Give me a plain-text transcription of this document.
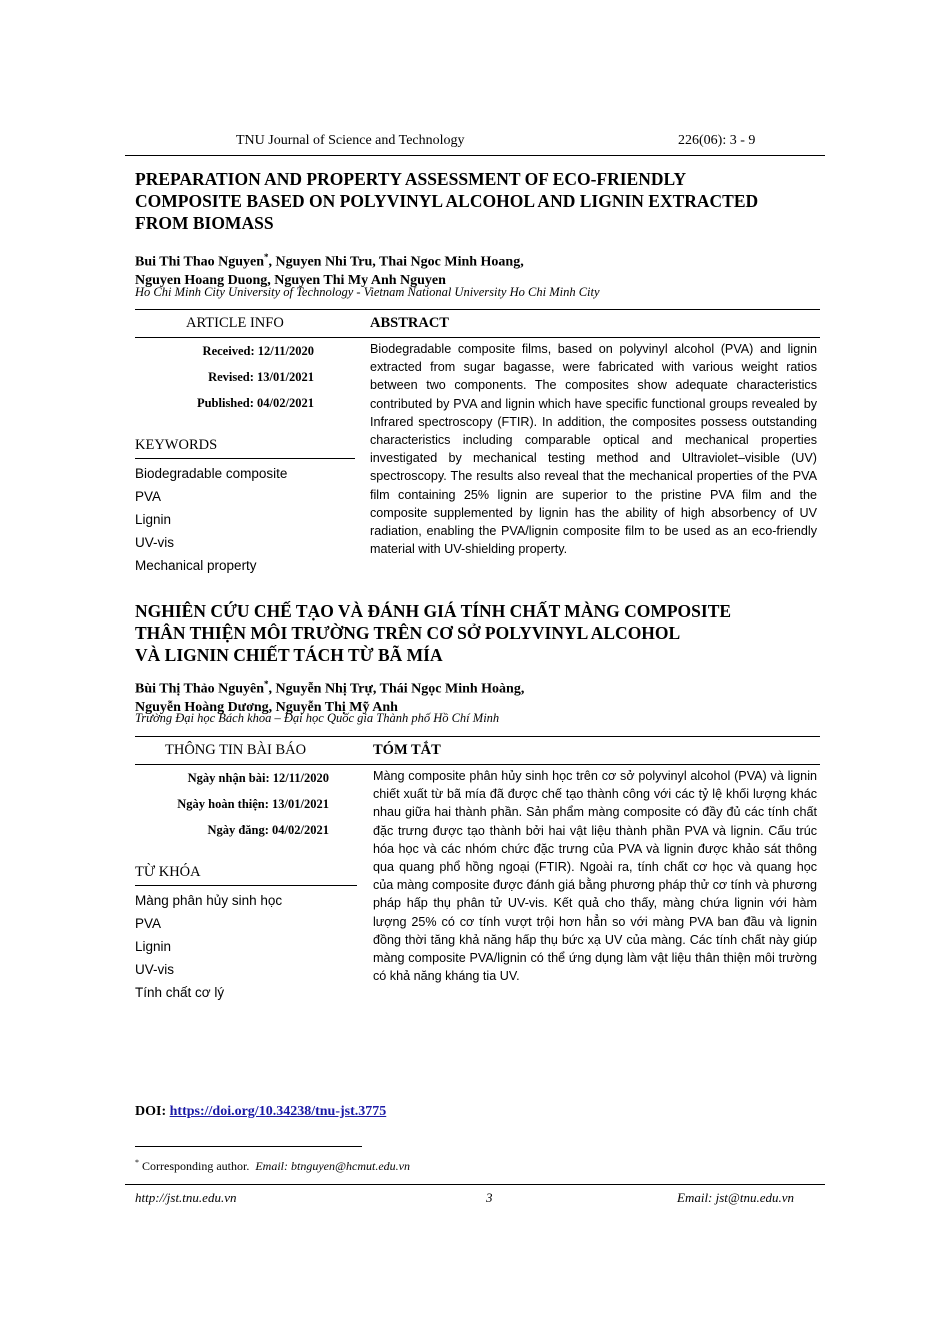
TNU Journal of Science and Technology	226(06): 3 - 9
PREPARATION AND PROPERTY ASSESSMENT OF ECO-FRIENDLY
COMPOSITE BASED ON POLYVINYL ALCOHOL AND LIGNIN EXTRACTED
FROM BIOMASS
Bui Thi Thao Nguyen*, Nguyen Nhi Tru, Thai Ngoc Minh Hoang,
Nguyen Hoang Duong, Nguyen Thi My Anh Nguyen
Ho Chi Minh City University of Technology - Vietnam National University Ho Chi Minh City
ARTICLE INFO	ABSTRACT
Received: 12/11/2020
Revised: 13/01/2021
Published: 04/02/2021
KEYWORDS
Biodegradable composite
PVA
Lignin
UV-vis
Mechanical property
Biodegradable composite films, based on polyvinyl alcohol (PVA) and lignin extracted from sugar bagasse, were fabricated with various weight ratios between two components. The composites show adequate characteristics contributed by PVA and lignin which have specific functional groups revealed by Infrared spectroscopy (FTIR). In addition, the composites possess outstanding characteristics including comparable optical and mechanical properties investigated by mechanical testing method and Ultraviolet–visible (UV) spectroscopy. The results also reveal that the mechanical properties of the PVA film containing 25% lignin are superior to the pristine PVA film and the composite supplemented by lignin has the ability of high absorbency of UV radiation, enabling the PVA/lignin composite film to be used as an eco-friendly material with UV-shielding property.
NGHIÊN CỨU CHẾ TẠO VÀ ĐÁNH GIÁ TÍNH CHẤT MÀNG COMPOSITE
THÂN THIỆN MÔI TRƯỜNG TRÊN CƠ SỞ POLYVINYL ALCOHOL
VÀ LIGNIN CHIẾT TÁCH TỪ BÃ MÍA
Bùi Thị Thảo Nguyên*, Nguyễn Nhị Trự, Thái Ngọc Minh Hoàng,
Nguyễn Hoàng Dương, Nguyễn Thị Mỹ Anh
Trường Đại học Bách khoa – Đại học Quốc gia Thành phố Hồ Chí Minh
THÔNG TIN BÀI BÁO	TÓM TẮT
Ngày nhận bài: 12/11/2020
Ngày hoàn thiện: 13/01/2021
Ngày đăng: 04/02/2021
TỪ KHÓA
Màng phân hủy sinh học
PVA
Lignin
UV-vis
Tính chất cơ lý
Màng composite phân hủy sinh học trên cơ sở polyvinyl alcohol (PVA) và lignin chiết xuất từ bã mía đã được chế tạo thành công với các tỷ lệ khối lượng khác nhau giữa hai thành phần. Sản phẩm màng composite có đầy đủ các tính chất đặc trưng được tạo thành bởi hai vật liệu thành phần PVA và lignin. Cấu trúc hóa học và các nhóm chức đặc trưng của PVA và lignin được khảo sát thông qua quang phổ hồng ngoại (FTIR). Ngoài ra, tính chất cơ học và quang học của màng composite được đánh giá bằng phương pháp thử cơ tính và phương pháp hấp thụ phân tử UV-vis. Kết quả cho thấy, màng chứa lignin với hàm lượng 25% có cơ tính vượt trội hơn hẳn so với màng PVA ban đầu và lignin đồng thời tăng khả năng hấp thụ bức xạ UV của màng. Các tính chất này giúp màng composite PVA/lignin có thể ứng dụng làm vật liệu thân thiện môi trường có khả năng kháng tia UV.
DOI: https://doi.org/10.34238/tnu-jst.3775
* Corresponding author. Email: btnguyen@hcmut.edu.vn
http://jst.tnu.edu.vn	3	Email: jst@tnu.edu.vn
